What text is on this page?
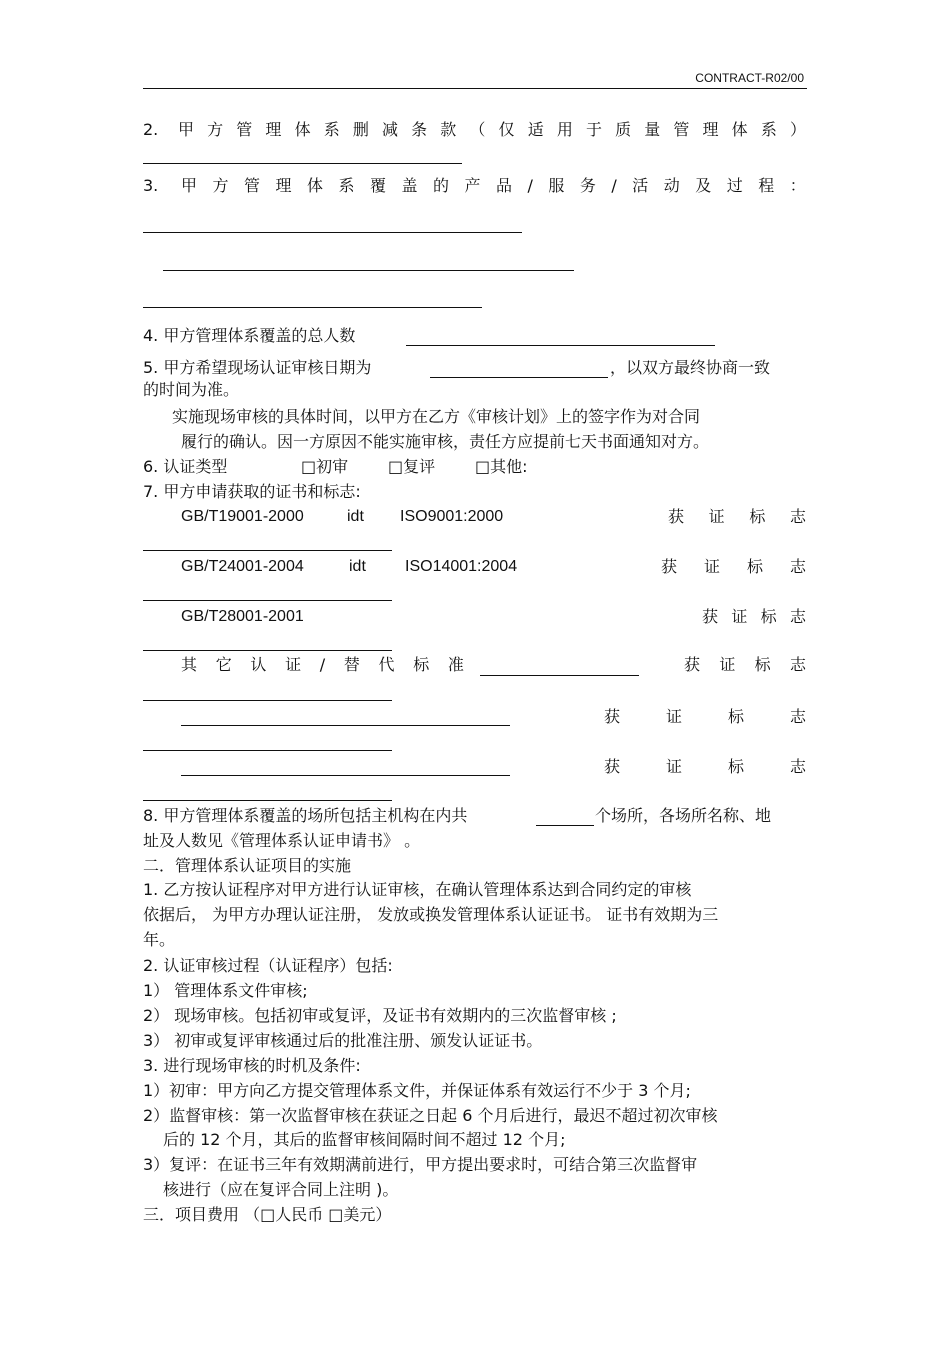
CONTRACT-R02/00
2. 甲 方 管 理 体 系 删 减 条 款 （ 仅 适 用 于 质 量 管 理 体 系 ）
3. 甲 方 管 理 体 系 覆 盖 的 产 品 / 服 务 / 活 动 及 过 程 ：
4. 甲方管理体系覆盖的总人数
5. 甲方希望现场认证审核日期为	，以双方最终协商一致
的时间为准。
实施现场审核的具体时间，以甲方在乙方《审核计划》上的签字作为对合同
履行的确认。因一方原因不能实施审核，责任方应提前七天书面通知对方。
6. 认证类型	□初审 □复评 □其他:
7. 甲方申请获取的证书和标志:
GB/T19001-2000	idt ISO9001:2000	获 证 标 志
GB/T24001-2004	idt ISO14001:2004	获 证 标 志
GB/T28001-2001	获 证 标 志
其 它 认 证 / 替 代 标 准	获 证 标 志
获	证	标	志
获	证	标	志
8. 甲方管理体系覆盖的场所包括主机构在内共	个场所，各场所名称、地
址及人数见《管理体系认证申请书》 。
二．管理体系认证项目的实施
1. 乙方按认证程序对甲方进行认证审核，在确认管理体系达到合同约定的审核
依据后， 为甲方办理认证注册， 发放或换发管理体系认证证书。 证书有效期为三
年。
2. 认证审核过程（认证程序）包括:
1） 管理体系文件审核;
2） 现场审核。包括初审或复评，及证书有效期内的三次监督审核 ;
3） 初审或复评审核通过后的批准注册、颁发认证证书。
3. 进行现场审核的时机及条件:
1）初审：甲方向乙方提交管理体系文件，并保证体系有效运行不少于 3 个月;
2）监督审核：第一次监督审核在获证之日起 6 个月后进行，最迟不超过初次审核
后的 12 个月，其后的监督审核间隔时间不超过 12 个月;
3）复评：在证书三年有效期满前进行，甲方提出要求时，可结合第三次监督审
核进行（应在复评合同上注明 )。
三．项目费用 （□人民币 □美元）
